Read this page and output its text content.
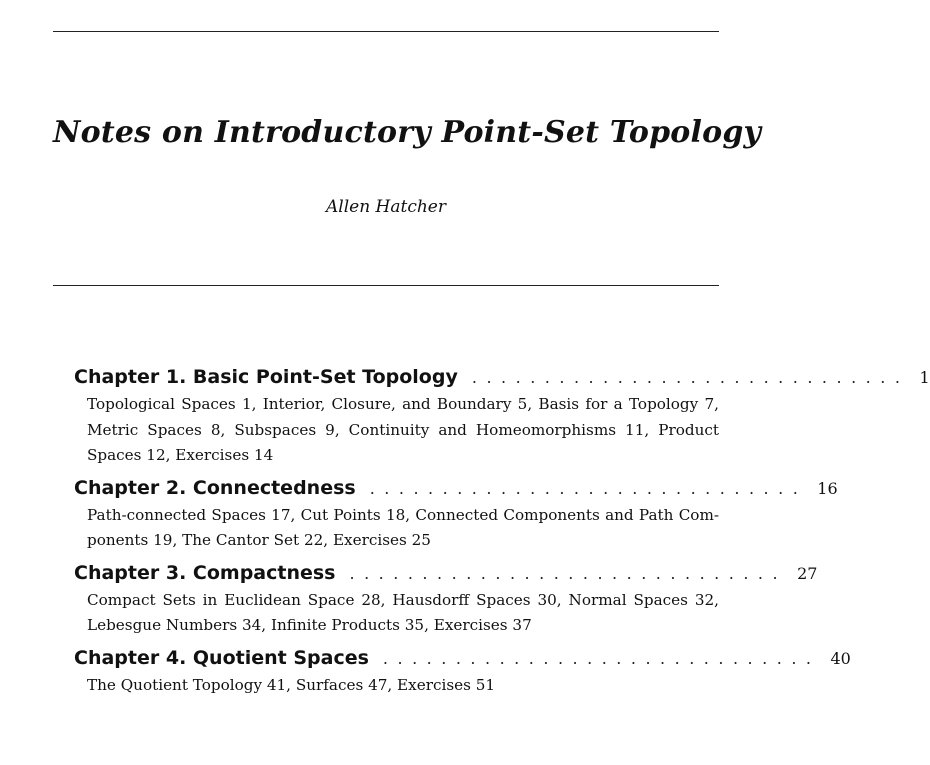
Notes on Introductory Point-Set Topology
Allen Hatcher
Chapter 1. Basic Point-Set Topology .............................. 1
Topological Spaces 1, Interior, Closure, and Boundary 5, Basis for a Topology 7, Metric Spaces 8, Subspaces 9, Continuity and Homeomorphisms 11, Product Spaces 12, Exercises 14
Chapter 2. Connectedness .............................. 16
Path-connected Spaces 17, Cut Points 18, Connected Components and Path Com-ponents 19, The Cantor Set 22, Exercises 25
Chapter 3. Compactness .............................. 27
Compact Sets in Euclidean Space 28, Hausdorff Spaces 30, Normal Spaces 32, Lebesgue Numbers 34, Infinite Products 35, Exercises 37
Chapter 4. Quotient Spaces .............................. 40
The Quotient Topology 41, Surfaces 47, Exercises 51
